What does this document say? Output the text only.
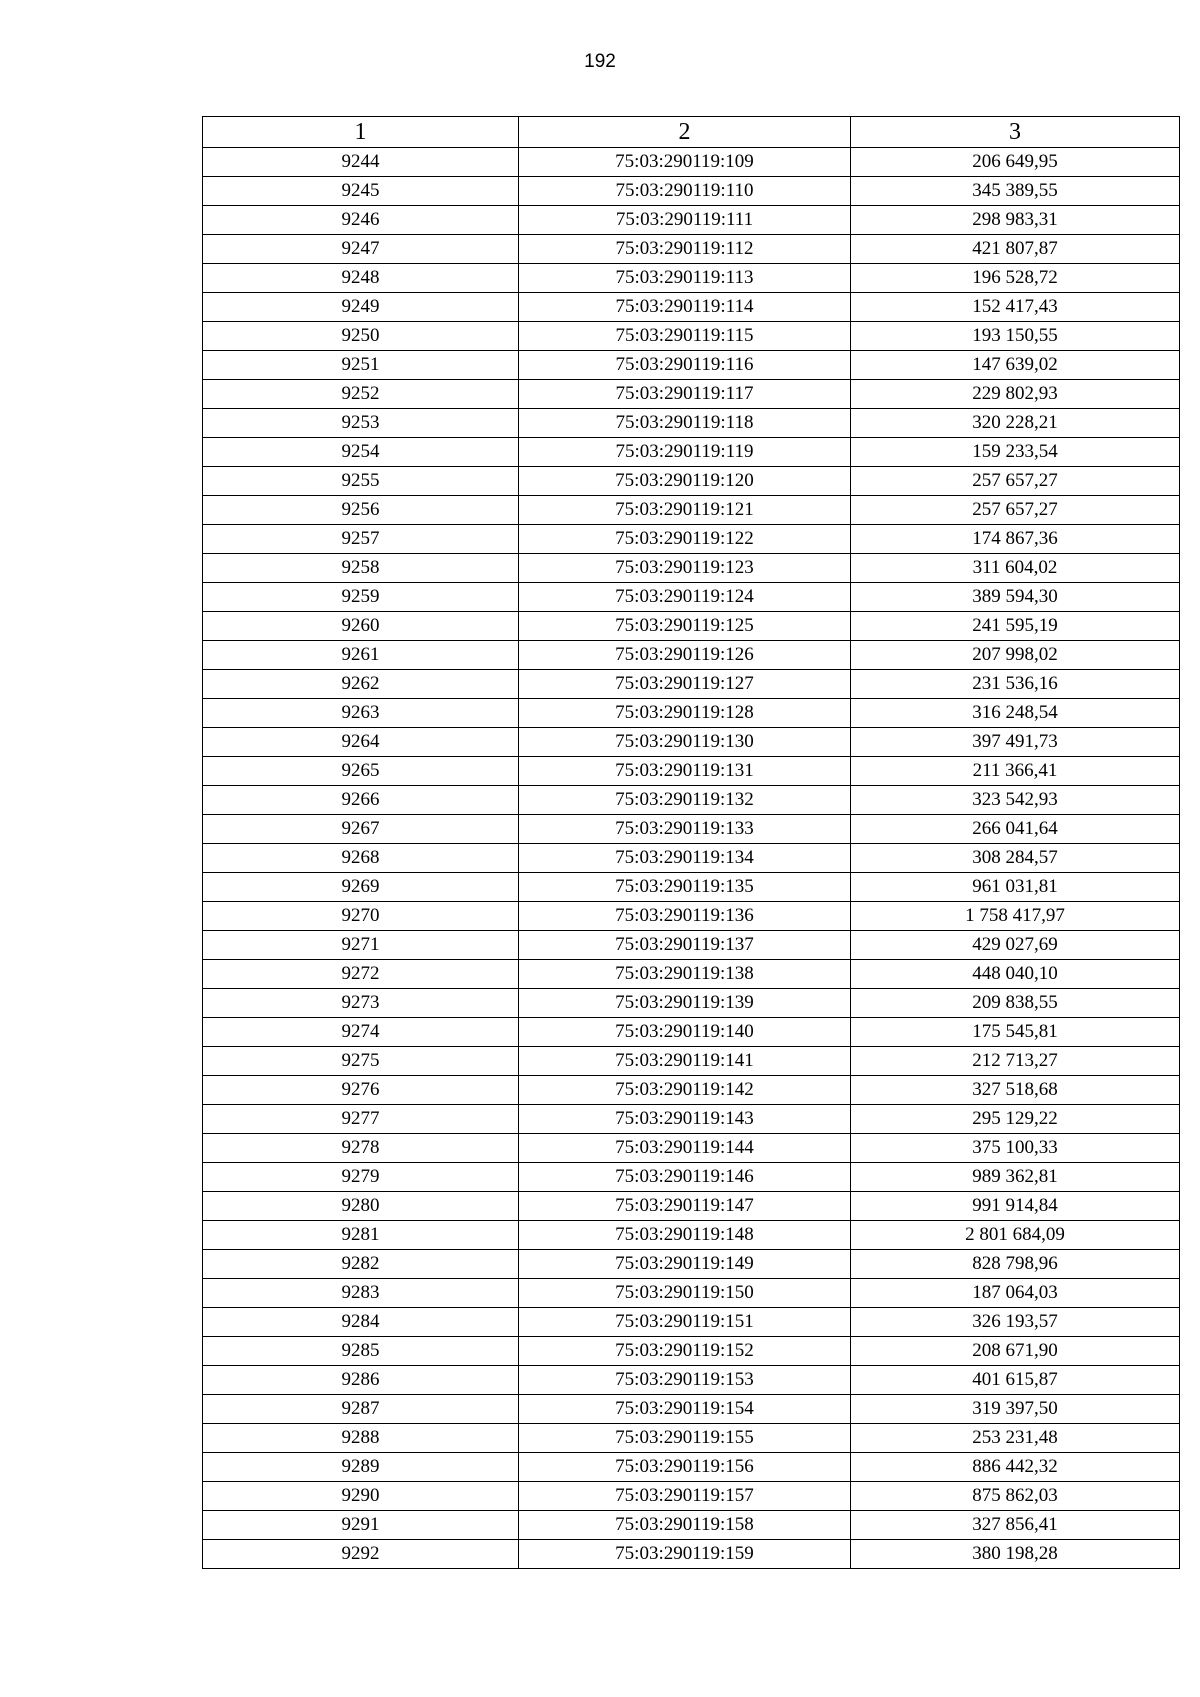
192
1	2	3
9244	75:03:290119:109	206 649,95
9245	75:03:290119:110	345 389,55
9246	75:03:290119:111	298 983,31
9247	75:03:290119:112	421 807,87
9248	75:03:290119:113	196 528,72
9249	75:03:290119:114	152 417,43
9250	75:03:290119:115	193 150,55
9251	75:03:290119:116	147 639,02
9252	75:03:290119:117	229 802,93
9253	75:03:290119:118	320 228,21
9254	75:03:290119:119	159 233,54
9255	75:03:290119:120	257 657,27
9256	75:03:290119:121	257 657,27
9257	75:03:290119:122	174 867,36
9258	75:03:290119:123	311 604,02
9259	75:03:290119:124	389 594,30
9260	75:03:290119:125	241 595,19
9261	75:03:290119:126	207 998,02
9262	75:03:290119:127	231 536,16
9263	75:03:290119:128	316 248,54
9264	75:03:290119:130	397 491,73
9265	75:03:290119:131	211 366,41
9266	75:03:290119:132	323 542,93
9267	75:03:290119:133	266 041,64
9268	75:03:290119:134	308 284,57
9269	75:03:290119:135	961 031,81
9270	75:03:290119:136	1 758 417,97
9271	75:03:290119:137	429 027,69
9272	75:03:290119:138	448 040,10
9273	75:03:290119:139	209 838,55
9274	75:03:290119:140	175 545,81
9275	75:03:290119:141	212 713,27
9276	75:03:290119:142	327 518,68
9277	75:03:290119:143	295 129,22
9278	75:03:290119:144	375 100,33
9279	75:03:290119:146	989 362,81
9280	75:03:290119:147	991 914,84
9281	75:03:290119:148	2 801 684,09
9282	75:03:290119:149	828 798,96
9283	75:03:290119:150	187 064,03
9284	75:03:290119:151	326 193,57
9285	75:03:290119:152	208 671,90
9286	75:03:290119:153	401 615,87
9287	75:03:290119:154	319 397,50
9288	75:03:290119:155	253 231,48
9289	75:03:290119:156	886 442,32
9290	75:03:290119:157	875 862,03
9291	75:03:290119:158	327 856,41
9292	75:03:290119:159	380 198,28
